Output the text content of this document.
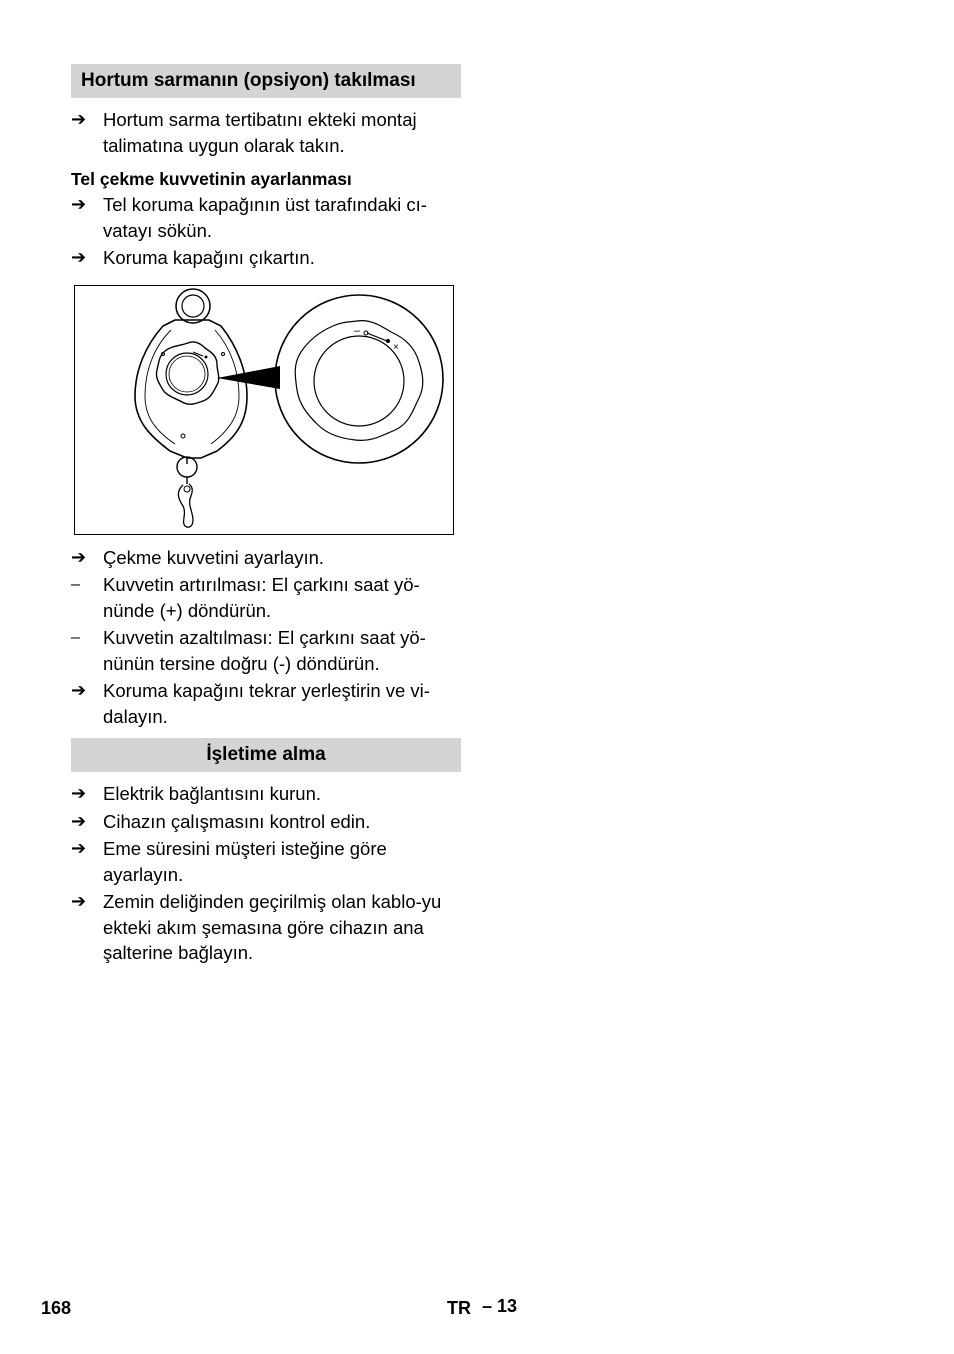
Hortum sarmanın (opsiyon) takılması
➔ Hortum sarma tertibatını ekteki montaj talimatına uygun olarak takın.
Tel çekme kuvvetinin ayarlanması
➔ Tel koruma kapağının üst tarafındaki cı-vatayı sökün.
➔ Koruma kapağını çıkartın.
–
×
➔ Çekme kuvvetini ayarlayın.
–	Kuvvetin artırılması: El çarkını saat yö-nünde (+) döndürün.
–	Kuvvetin azaltılması: El çarkını saat yö-nünün tersine doğru (-) döndürün.
➔ Koruma kapağını tekrar yerleştirin ve vi-dalayın.
İşletime alma
➔ Elektrik bağlantısını kurun.
➔ Cihazın çalışmasını kontrol edin.
➔ Eme süresini müşteri isteğine göre ayarlayın.
➔ Zemin deliğinden geçirilmiş olan kablo-yu ekteki akım şemasına göre cihazın ana şalterine bağlayın.
168	TR – 13
